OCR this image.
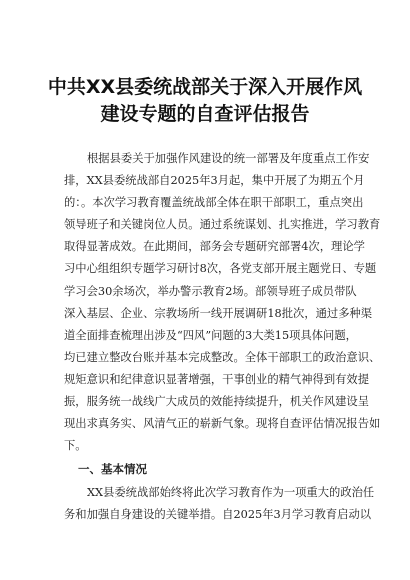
中共XX县委统战部关于深入开展作风
建设专题的自查评估报告
根据县委关于加强作风建设的统一部署及年度重点工作安
排，XX县委统战部自2025年3月起，集中开展了为期五个月
的：。本次学习教育覆盖统战部全体在职干部职工，重点突出
领导班子和关键岗位人员。通过系统谋划、扎实推进，学习教育
取得显著成效。在此期间，部务会专题研究部署4次，理论学
习中心组组织专题学习研讨8次，各党支部开展主题党日、专题
学习会30余场次，举办警示教育2场。部领导班子成员带队
深入基层、企业、宗教场所一线开展调研18批次，通过多种渠
道全面排查梳理出涉及“四风”问题的3大类15项具体问题，
均已建立整改台账并基本完成整改。全体干部职工的政治意识、
规矩意识和纪律意识显著增强，干事创业的精气神得到有效提
振，服务统一战线广大成员的效能持续提升，机关作风建设呈
现出求真务实、风清气正的崭新气象。现将自查评估情况报告如
下。
一、基本情况
XX县委统战部始终将此次学习教育作为一项重大的政治任
务和加强自身建设的关键举措。自2025年3月学习教育启动以
